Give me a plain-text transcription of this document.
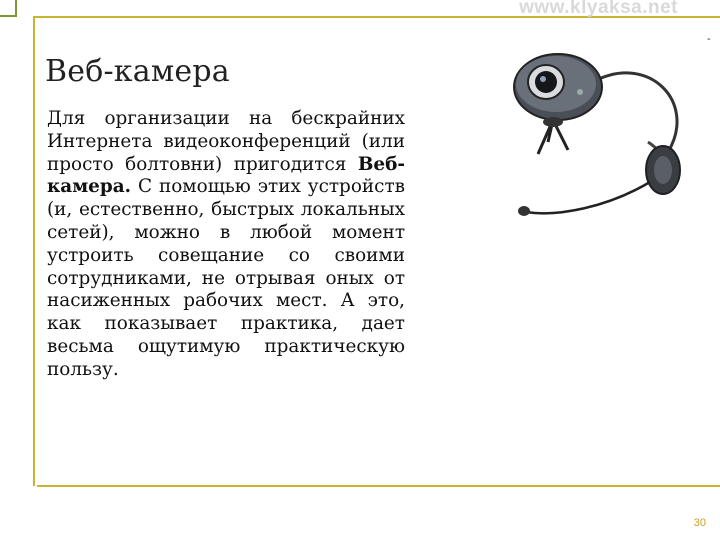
www.klyaksa.net
-
Веб-камера
Для организации на бескрайних Интернета видеоконференций (или просто болтовни) пригодится Веб-камера. С помощью этих устройств (и, естественно, быстрых локальных сетей), можно в любой момент устроить совещание со своими сотрудниками, не отрывая оных от насиженных рабочих мест. А это, как показывает практика, дает весьма ощутимую практическую пользу.
30
